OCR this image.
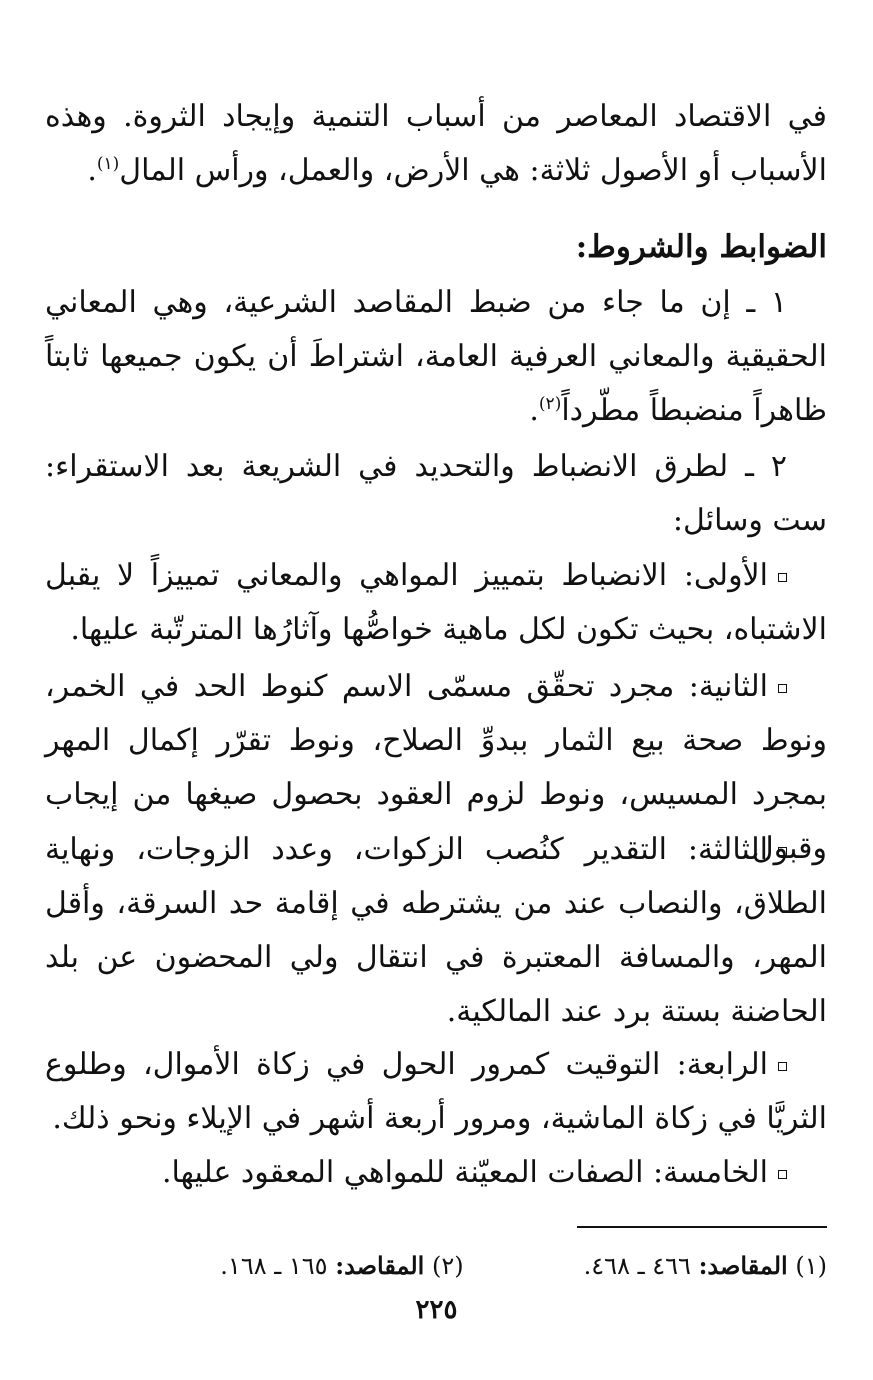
في الاقتصاد المعاصر من أسباب التنمية وإيجاد الثروة. وهذه الأسباب أو الأصول ثلاثة: هي الأرض، والعمل، ورأس المال$^{(١)}$.
الضوابط والشروط:
١ ـ إن ما جاء من ضبط المقاصد الشرعية، وهي المعاني الحقيقية والمعاني العرفية العامة، اشتراطَ أن يكون جميعها ثابتاً ظاهراً منضبطاً مطّرداً$^{(٢)}$.
٢ ـ لطرق الانضباط والتحديد في الشريعة بعد الاستقراء: ست وسائل:
الأولى: الانضباط بتمييز المواهي والمعاني تمييزاً لا يقبل الاشتباه، بحيث تكون لكل ماهية خواصُّها وآثارُها المترتّبة عليها.
الثانية: مجرد تحقّق مسمّى الاسم كنوط الحد في الخمر، ونوط صحة بيع الثمار ببدوِّ الصلاح، ونوط تقرّر إكمال المهر بمجرد المسيس، ونوط لزوم العقود بحصول صيغها من إيجاب وقبول.
الثالثة: التقدير كنُصب الزكوات، وعدد الزوجات، ونهاية الطلاق، والنصاب عند من يشترطه في إقامة حد السرقة، وأقل المهر، والمسافة المعتبرة في انتقال ولي المحضون عن بلد الحاضنة بستة برد عند المالكية.
الرابعة: التوقيت كمرور الحول في زكاة الأموال، وطلوع الثريَّا في زكاة الماشية، ومرور أربعة أشهر في الإيلاء ونحو ذلك.
الخامسة: الصفات المعيّنة للمواهي المعقود عليها.
(١) المقاصد: ٤٦٦ ـ ٤٦٨.(٢) المقاصد: ١٦٥ ـ ١٦٨.
٢٢٥
